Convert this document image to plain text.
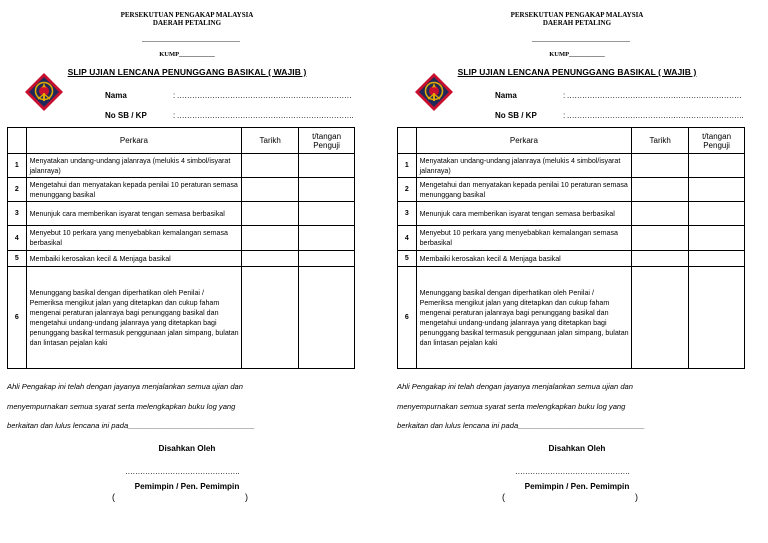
PERSEKUTUAN PENGAKAP MALAYSIA
DAERAH PETALING
KUMP___________
SLIP UJIAN LENCANA PENUNGGANG BASIKAL ( WAJIB )
Nama	: ……………………………………………………………
No SB / KP	: …………………………………………………………….
	Perkara	Tarikh	t/tangan Penguji
1	Menyatakan undang-undang jalanraya (melukis 4 simbol/isyarat jalanraya)		
2	Mengetahui dan menyatakan kepada penilai 10 peraturan semasa menunggang basikal		
3	Menunjuk cara memberikan isyarat tengan semasa berbasikal		
4	Menyebut 10 perkara yang menyebabkan kemalangan semasa berbasikal		
5	Membaiki kerosakan kecil & Menjaga basikal		
6	Menunggang basikal dengan diperhatikan oleh Penilai / Pemeriksa mengikut jalan yang ditetapkan dan cukup faham mengenai peraturan jalanraya bagi penunggang basikal dan mengetahui undang-undang jalanraya yang ditetapkan bagi penunggang basikal termasuk penggunaan jalan simpang, bulatan dan lintasan pejalan kaki		
Ahli Pengakap ini telah dengan jayanya menjalankan semua ujian dan
menyempurnakan semua syarat serta melengkapkan buku log yang
berkaitan dan lulus lencana ini pada______________________________
Disahkan Oleh
……………………………………….
Pemimpin / Pen. Pemimpin
(	)
PERSEKUTUAN PENGAKAP MALAYSIA
DAERAH PETALING
KUMP___________
SLIP UJIAN LENCANA PENUNGGANG BASIKAL ( WAJIB )
Nama	: ……………………………………………………………
No SB / KP	: …………………………………………………………….
	Perkara	Tarikh	t/tangan Penguji
1	Menyatakan undang-undang jalanraya (melukis 4 simbol/isyarat jalanraya)		
2	Mengetahui dan menyatakan kepada penilai 10 peraturan semasa menunggang basikal		
3	Menunjuk cara memberikan isyarat tengan semasa berbasikal		
4	Menyebut 10 perkara yang menyebabkan kemalangan semasa berbasikal		
5	Membaiki kerosakan kecil & Menjaga basikal		
6	Menunggang basikal dengan diperhatikan oleh Penilai / Pemeriksa mengikut jalan yang ditetapkan dan cukup faham mengenai peraturan jalanraya bagi penunggang basikal dan mengetahui undang-undang jalanraya yang ditetapkan bagi penunggang basikal termasuk penggunaan jalan simpang, bulatan dan lintasan pejalan kaki		
Ahli Pengakap ini telah dengan jayanya menjalankan semua ujian dan
menyempurnakan semua syarat serta melengkapkan buku log yang
berkaitan dan lulus lencana ini pada______________________________
Disahkan Oleh
……………………………………….
Pemimpin / Pen. Pemimpin
(	)
